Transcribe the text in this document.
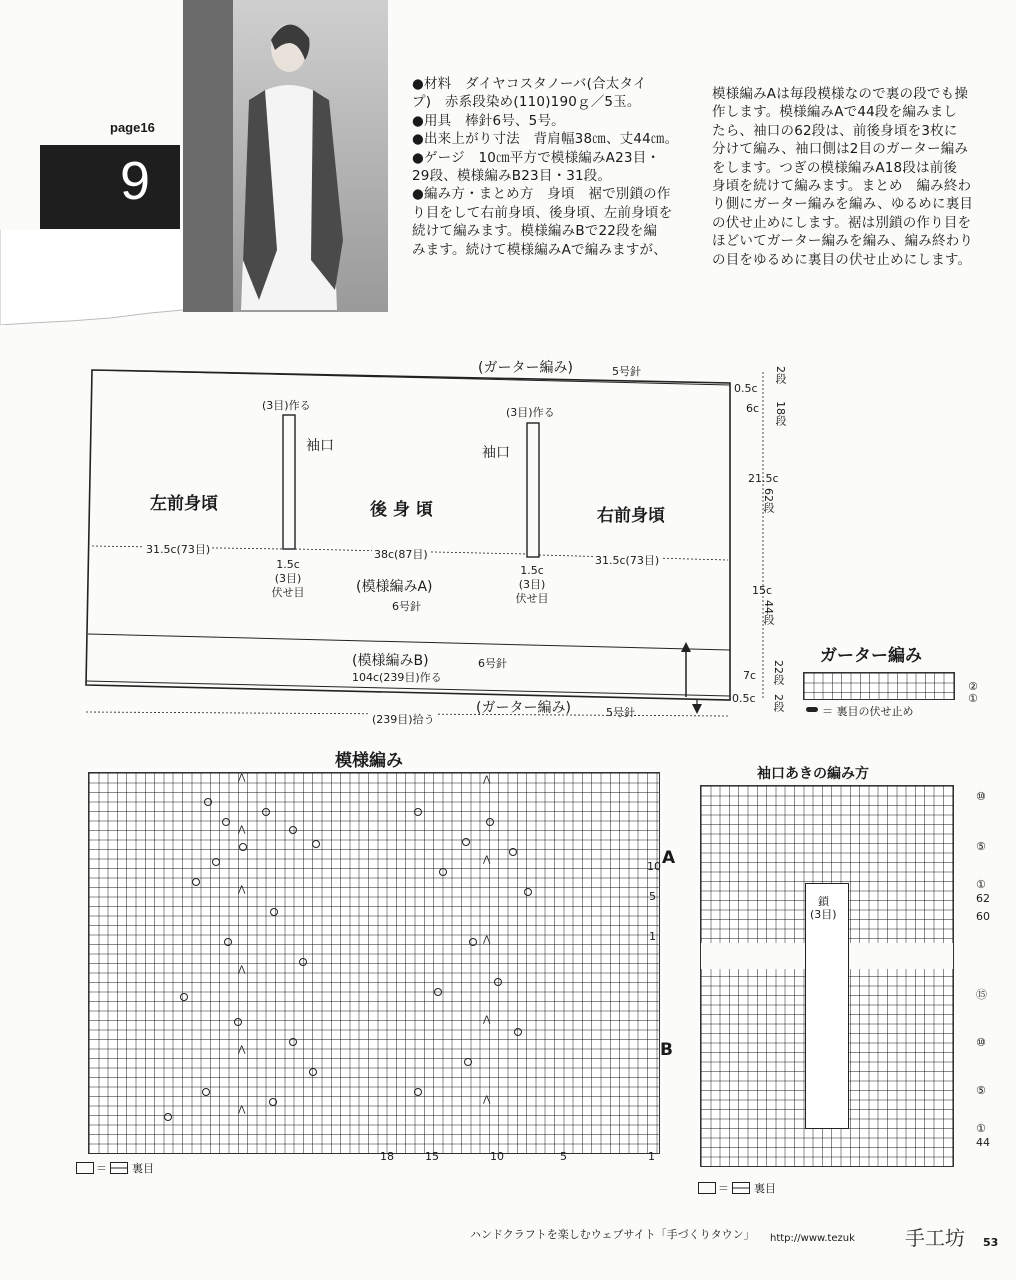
page16
9
●材料　ダイヤコスタノーバ(合太タイ
プ)　赤系段染め(110)190ｇ／5玉。
●用具　棒針6号、5号。
●出来上がり寸法　背肩幅38㎝、丈44㎝。
●ゲージ　10㎝平方で模様編みA23目・
29段、模様編みB23目・31段。
●編み方・まとめ方　身頃　裾で別鎖の作
り目をして右前身頃、後身頃、左前身頃を
続けて編みます。模様編みBで22段を編
みます。続けて模様編みAで編みますが、
模様編みAは毎段模様なので裏の段でも操
作します。模様編みAで44段を編みまし
たら、袖口の62段は、前後身頃を3枚に
分けて編み、袖口側は2目のガーター編み
をします。つぎの模様編みA18段は前後
身頃を続けて編みます。まとめ　編み終わ
り側にガーター編みを編み、ゆるめに裏目
の伏せ止めにします。裾は別鎖の作り目を
ほどいてガーター編みを編み、編み終わり
の目をゆるめに裏目の伏せ止めにします。
(ガーター編み)	5号針
(3目)作る
(3目)作る
袖口	袖口
左前身頃	後 身 頃	右前身頃
31.5c(73目)	38c(87目)	31.5c(73目)
1.5c
(3目)
伏せ目
1.5c
(3目)
伏せ目
(模様編みA)
6号針
(模様編みB)	6号針
104c(239目)作る
(ガーター編み)	5号針
(239目)拾う
0.5c
6c
21.5c
15c
7c
0.5c
2段
18段
62段
44段
22段
2段
ガーター編み
②
①
＝ 裏目の伏せ止め
模様編み
⋀
⋀
⋀
⋀
⋀
⋀
⋀
⋀
⋀
⋀
⋀
A
B
10
5
1
18	15	10	5	1
＝ 裏目
袖口あきの編み方
鎖
(3目)
⑩
⑤
①
62
60
⑮
⑩
⑤
①
44
＝ 裏目
ハンドクラフトを楽しむウェブサイト「手づくりタウン」 http://www.tezuk	手工坊 53
